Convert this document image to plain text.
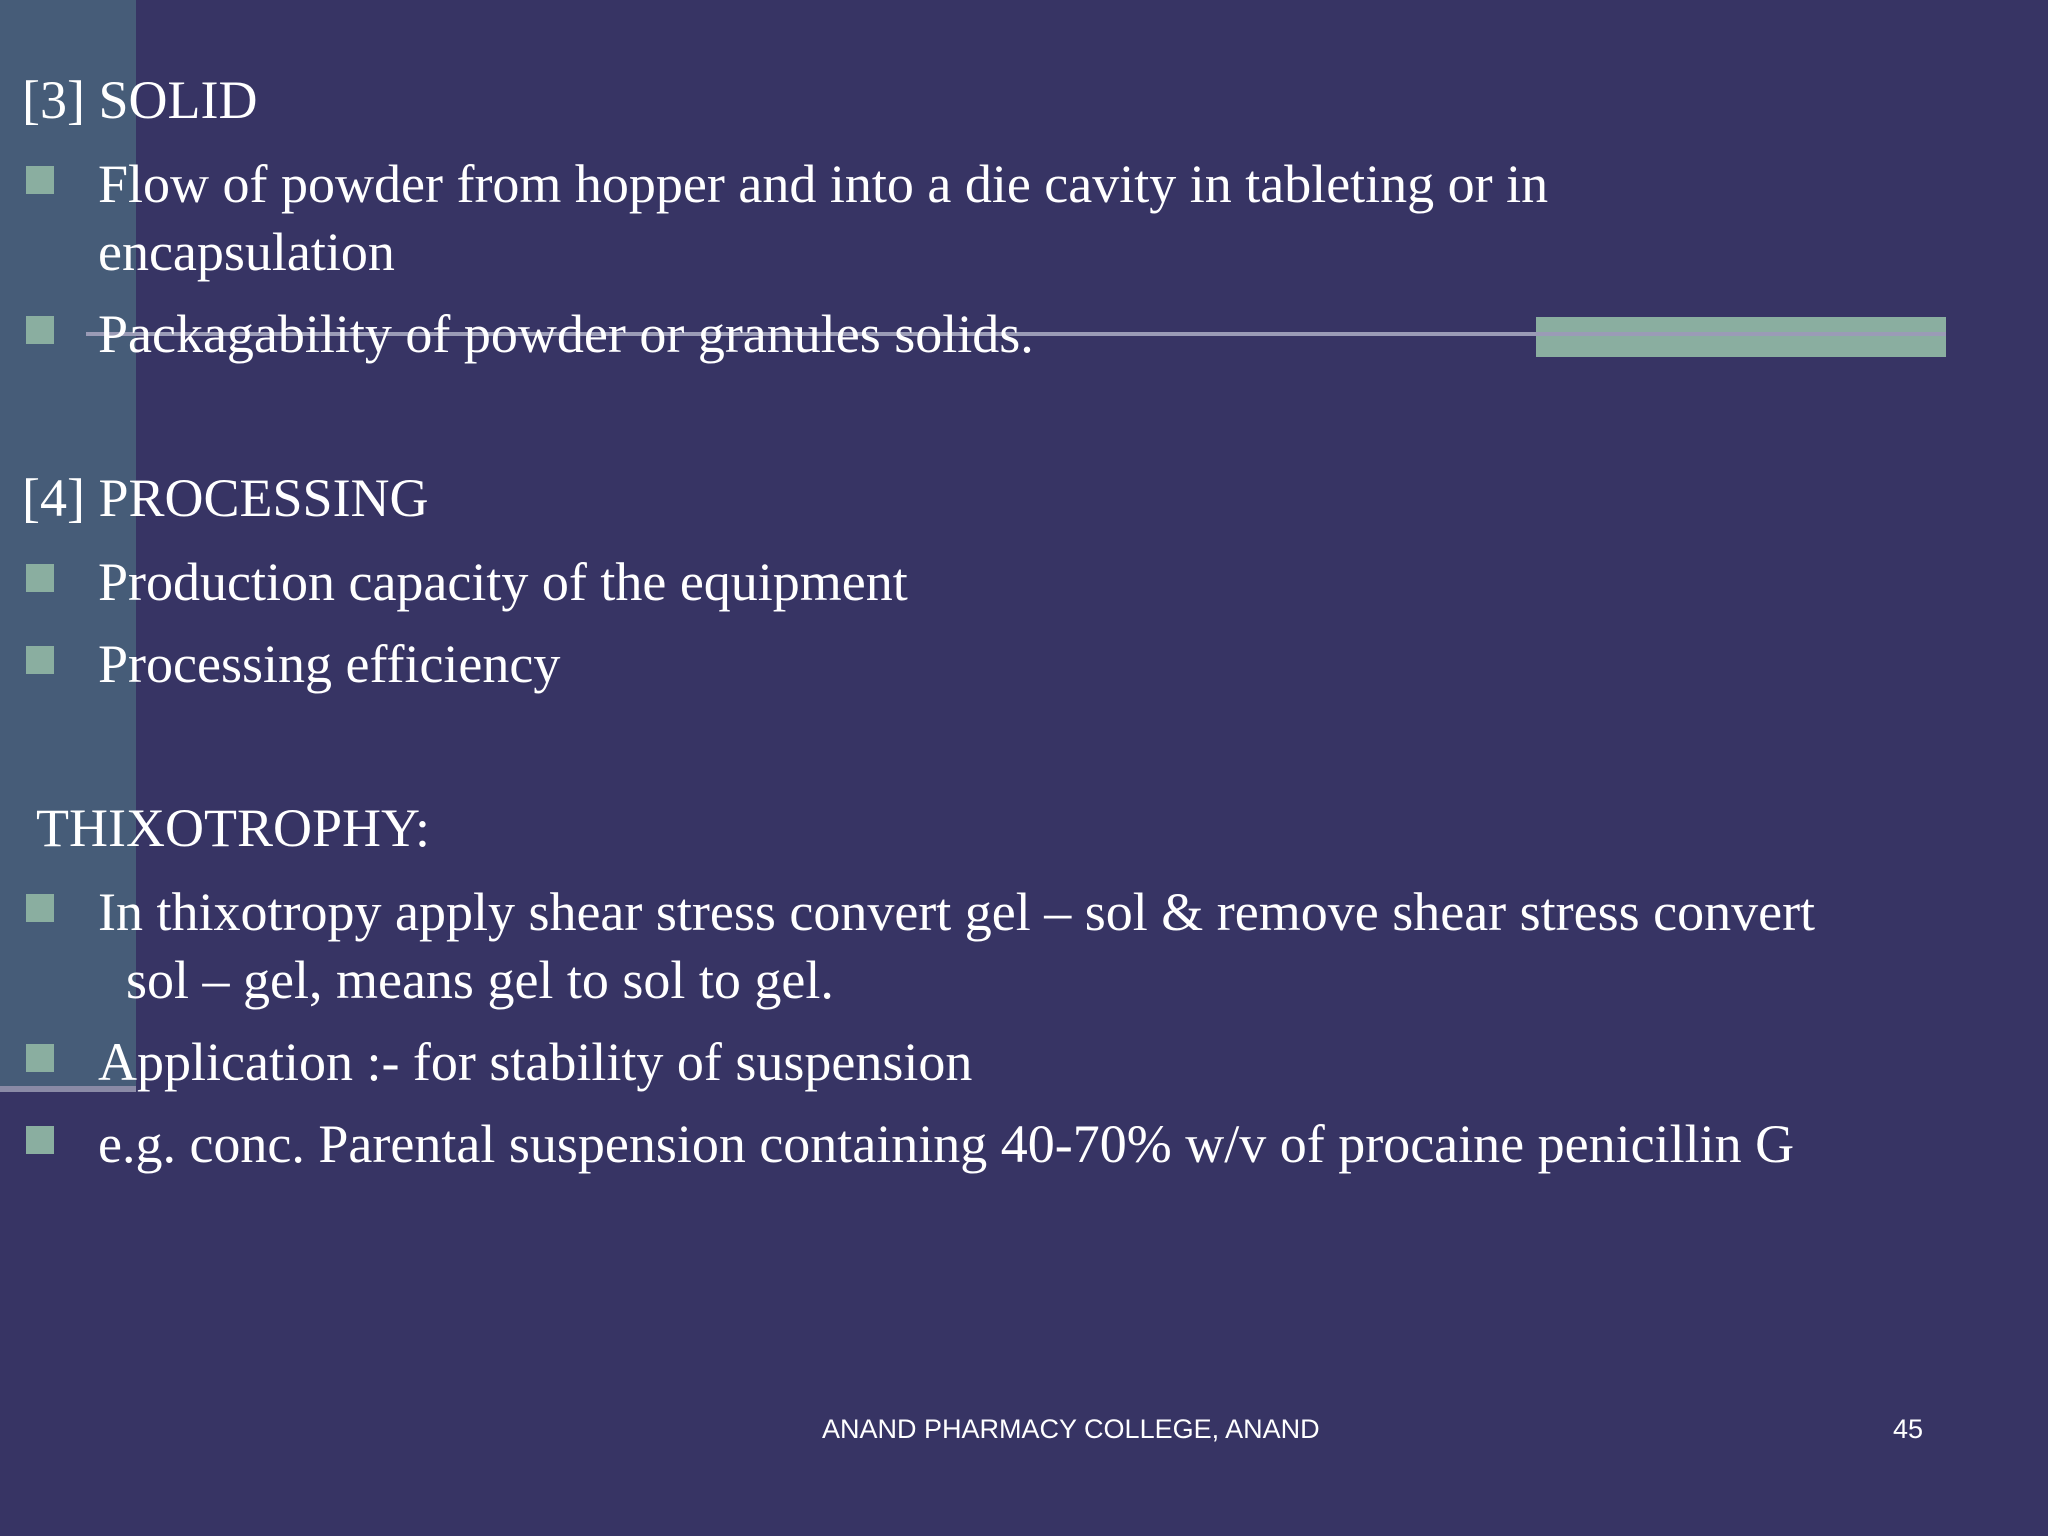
[3] SOLID
Flow of powder from hopper and into a die cavity in tableting or in
encapsulation
Packagability of powder or granules solids.
[4] PROCESSING
Production capacity of the equipment
Processing efficiency
THIXOTROPHY:
In thixotropy apply shear stress convert gel – sol & remove shear stress convert
sol – gel, means gel to sol to gel.
Application :- for stability of suspension
e.g. conc. Parental suspension containing 40-70% w/v of procaine penicillin G
ANAND PHARMACY COLLEGE, ANAND	45
